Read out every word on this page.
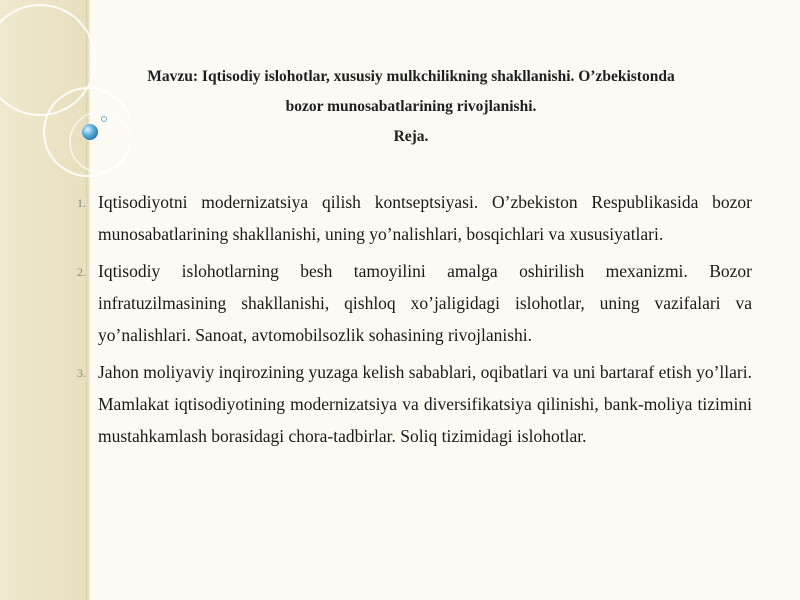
Mavzu: Iqtisodiy islohotlar, xususiy mulkchilikning shakllanishi. O’zbekistonda
bozor munosabatlarining rivojlanishi.
Reja.
1. Iqtisodiyotni modernizatsiya qilish kontseptsiyasi. O’zbekiston Respublikasida bozor munosabatlarining shakllanishi, uning yo’nalishlari, bosqichlari va xususiyatlari.
2. Iqtisodiy islohotlarning besh tamoyilini amalga oshirilish mexanizmi. Bozor infratuzilmasining shakllanishi, qishloq xo’jaligidagi islohotlar, uning vazifalari va yo’nalishlari. Sanoat, avtomobilsozlik sohasining rivojlanishi.
3. Jahon moliyaviy inqirozining yuzaga kelish sabablari, oqibatlari va uni bartaraf etish yo’llari. Mamlakat iqtisodiyotining modernizatsiya va diversifikatsiya qilinishi, bank-moliya tizimini mustahkamlash borasidagi chora-tadbirlar. Soliq tizimidagi islohotlar.
